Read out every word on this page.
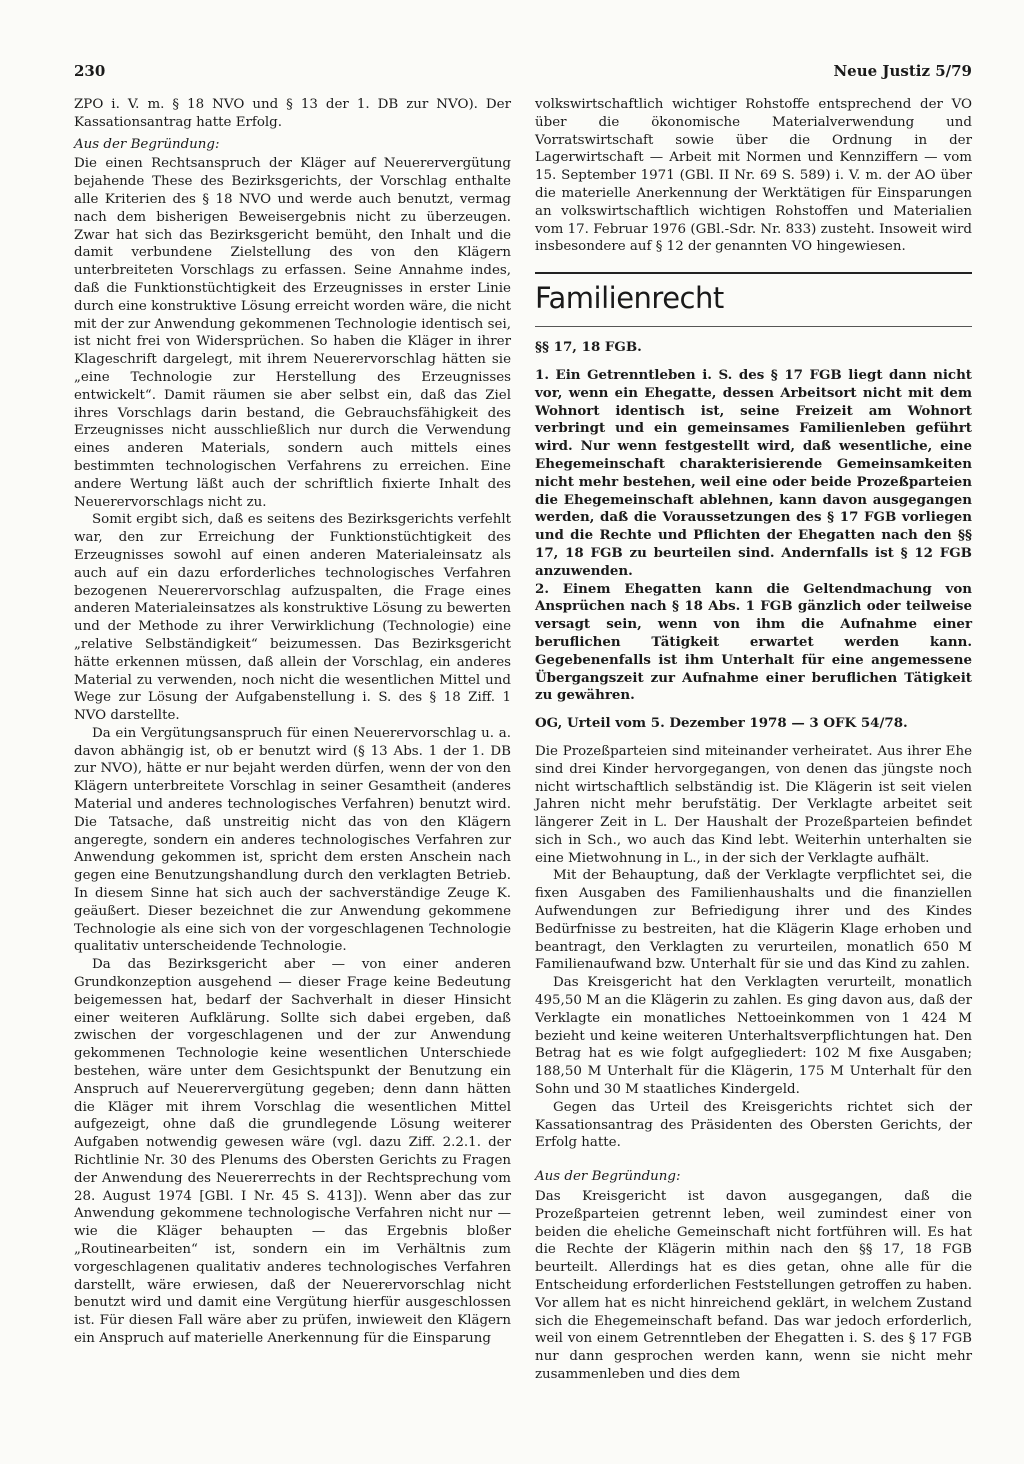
230	Neue Justiz 5/79

ZPO i. V. m. § 18 NVO und § 13 der 1. DB zur NVO). Der Kassationsantrag hatte Erfolg.

Aus der Begründung:

Die einen Rechtsanspruch der Kläger auf Neuerervergütung bejahende These des Bezirksgerichts, der Vorschlag enthalte alle Kriterien des § 18 NVO und werde auch benutzt, vermag nach dem bisherigen Beweisergebnis nicht zu überzeugen. Zwar hat sich das Bezirksgericht bemüht, den Inhalt und die damit verbundene Zielstellung des von den Klägern unterbreiteten Vorschlags zu erfassen. Seine Annahme indes, daß die Funktionstüchtigkeit des Erzeugnisses in erster Linie durch eine konstruktive Lösung erreicht worden wäre, die nicht mit der zur Anwendung gekommenen Technologie identisch sei, ist nicht frei von Widersprüchen. So haben die Kläger in ihrer Klageschrift dargelegt, mit ihrem Neuerervorschlag hätten sie „eine Technologie zur Herstellung des Erzeugnisses entwickelt“. Damit räumen sie aber selbst ein, daß das Ziel ihres Vorschlags darin bestand, die Gebrauchsfähigkeit des Erzeugnisses nicht ausschließlich nur durch die Verwendung eines anderen Materials, sondern auch mittels eines bestimmten technologischen Verfahrens zu erreichen. Eine andere Wertung läßt auch der schriftlich fixierte Inhalt des Neuerervorschlags nicht zu.

Somit ergibt sich, daß es seitens des Bezirksgerichts verfehlt war, den zur Erreichung der Funktionstüchtigkeit des Erzeugnisses sowohl auf einen anderen Materialeinsatz als auch auf ein dazu erforderliches technologisches Verfahren bezogenen Neuerervorschlag aufzuspalten, die Frage eines anderen Materialeinsatzes als konstruktive Lösung zu bewerten und der Methode zu ihrer Verwirklichung (Technologie) eine „relative Selbständigkeit“ beizumessen. Das Bezirksgericht hätte erkennen müssen, daß allein der Vorschlag, ein anderes Material zu verwenden, noch nicht die wesentlichen Mittel und Wege zur Lösung der Aufgabenstellung i. S. des § 18 Ziff. 1 NVO darstellte.

Da ein Vergütungsanspruch für einen Neuerervorschlag u. a. davon abhängig ist, ob er benutzt wird (§ 13 Abs. 1 der 1. DB zur NVO), hätte er nur bejaht werden dürfen, wenn der von den Klägern unterbreitete Vorschlag in seiner Gesamtheit (anderes Material und anderes technologisches Verfahren) benutzt wird. Die Tatsache, daß unstreitig nicht das von den Klägern angeregte, sondern ein anderes technologisches Verfahren zur Anwendung gekommen ist, spricht dem ersten Anschein nach gegen eine Benutzungshandlung durch den verklagten Betrieb. In diesem Sinne hat sich auch der sachverständige Zeuge K. geäußert. Dieser bezeichnet die zur Anwendung gekommene Technologie als eine sich von der vorgeschlagenen Technologie qualitativ unterscheidende Technologie.

Da das Bezirksgericht aber — von einer anderen Grundkonzeption ausgehend — dieser Frage keine Bedeutung beigemessen hat, bedarf der Sachverhalt in dieser Hinsicht einer weiteren Aufklärung. Sollte sich dabei ergeben, daß zwischen der vorgeschlagenen und der zur Anwendung gekommenen Technologie keine wesentlichen Unterschiede bestehen, wäre unter dem Gesichtspunkt der Benutzung ein Anspruch auf Neuerervergütung gegeben; denn dann hätten die Kläger mit ihrem Vorschlag die wesentlichen Mittel aufgezeigt, ohne daß die grundlegende Lösung weiterer Aufgaben notwendig gewesen wäre (vgl. dazu Ziff. 2.2.1. der Richtlinie Nr. 30 des Plenums des Obersten Gerichts zu Fragen der Anwendung des Neuererrechts in der Rechtsprechung vom 28. August 1974 [GBl. I Nr. 45 S. 413]). Wenn aber das zur Anwendung gekommene technologische Verfahren nicht nur — wie die Kläger behaupten — das Ergebnis bloßer „Routinearbeiten“ ist, sondern ein im Verhältnis zum vorgeschlagenen qualitativ anderes technologisches Verfahren darstellt, wäre erwiesen, daß der Neuerervorschlag nicht benutzt wird und damit eine Vergütung hierfür ausgeschlossen ist. Für diesen Fall wäre aber zu prüfen, inwieweit den Klägern ein Anspruch auf materielle Anerkennung für die Einsparung

volkswirtschaftlich wichtiger Rohstoffe entsprechend der VO über die ökonomische Materialverwendung und Vorratswirtschaft sowie über die Ordnung in der Lagerwirtschaft — Arbeit mit Normen und Kennziffern — vom 15. September 1971 (GBl. II Nr. 69 S. 589) i. V. m. der AO über die materielle Anerkennung der Werktätigen für Einsparungen an volkswirtschaftlich wichtigen Rohstoffen und Materialien vom 17. Februar 1976 (GBl.-Sdr. Nr. 833) zusteht. Insoweit wird insbesondere auf § 12 der genannten VO hingewiesen.

Familienrecht

§§ 17, 18 FGB.

1. Ein Getrenntleben i. S. des § 17 FGB liegt dann nicht vor, wenn ein Ehegatte, dessen Arbeitsort nicht mit dem Wohnort identisch ist, seine Freizeit am Wohnort verbringt und ein gemeinsames Familienleben geführt wird. Nur wenn festgestellt wird, daß wesentliche, eine Ehegemeinschaft charakterisierende Gemeinsamkeiten nicht mehr bestehen, weil eine oder beide Prozeßparteien die Ehegemeinschaft ablehnen, kann davon ausgegangen werden, daß die Voraussetzungen des § 17 FGB vorliegen und die Rechte und Pflichten der Ehegatten nach den §§ 17, 18 FGB zu beurteilen sind. Andernfalls ist § 12 FGB anzuwenden.

2. Einem Ehegatten kann die Geltendmachung von Ansprüchen nach § 18 Abs. 1 FGB gänzlich oder teilweise versagt sein, wenn von ihm die Aufnahme einer beruflichen Tätigkeit erwartet werden kann. Gegebenenfalls ist ihm Unterhalt für eine angemessene Übergangszeit zur Aufnahme einer beruflichen Tätigkeit zu gewähren.

OG, Urteil vom 5. Dezember 1978 — 3 OFK 54/78.

Die Prozeßparteien sind miteinander verheiratet. Aus ihrer Ehe sind drei Kinder hervorgegangen, von denen das jüngste noch nicht wirtschaftlich selbständig ist. Die Klägerin ist seit vielen Jahren nicht mehr berufstätig. Der Verklagte arbeitet seit längerer Zeit in L. Der Haushalt der Prozeßparteien befindet sich in Sch., wo auch das Kind lebt. Weiterhin unterhalten sie eine Mietwohnung in L., in der sich der Verklagte aufhält.

Mit der Behauptung, daß der Verklagte verpflichtet sei, die fixen Ausgaben des Familienhaushalts und die finanziellen Aufwendungen zur Befriedigung ihrer und des Kindes Bedürfnisse zu bestreiten, hat die Klägerin Klage erhoben und beantragt, den Verklagten zu verurteilen, monatlich 650 M Familienaufwand bzw. Unterhalt für sie und das Kind zu zahlen.

Das Kreisgericht hat den Verklagten verurteilt, monatlich 495,50 M an die Klägerin zu zahlen. Es ging davon aus, daß der Verklagte ein monatliches Nettoeinkommen von 1 424 M bezieht und keine weiteren Unterhaltsverpflichtungen hat. Den Betrag hat es wie folgt aufgegliedert: 102 M fixe Ausgaben; 188,50 M Unterhalt für die Klägerin, 175 M Unterhalt für den Sohn und 30 M staatliches Kindergeld.

Gegen das Urteil des Kreisgerichts richtet sich der Kassationsantrag des Präsidenten des Obersten Gerichts, der Erfolg hatte.

Aus der Begründung:

Das Kreisgericht ist davon ausgegangen, daß die Prozeßparteien getrennt leben, weil zumindest einer von beiden die eheliche Gemeinschaft nicht fortführen will. Es hat die Rechte der Klägerin mithin nach den §§ 17, 18 FGB beurteilt. Allerdings hat es dies getan, ohne alle für die Entscheidung erforderlichen Feststellungen getroffen zu haben. Vor allem hat es nicht hinreichend geklärt, in welchem Zustand sich die Ehegemeinschaft befand. Das war jedoch erforderlich, weil von einem Getrenntleben der Ehegatten i. S. des § 17 FGB nur dann gesprochen werden kann, wenn sie nicht mehr zusammenleben und dies dem
